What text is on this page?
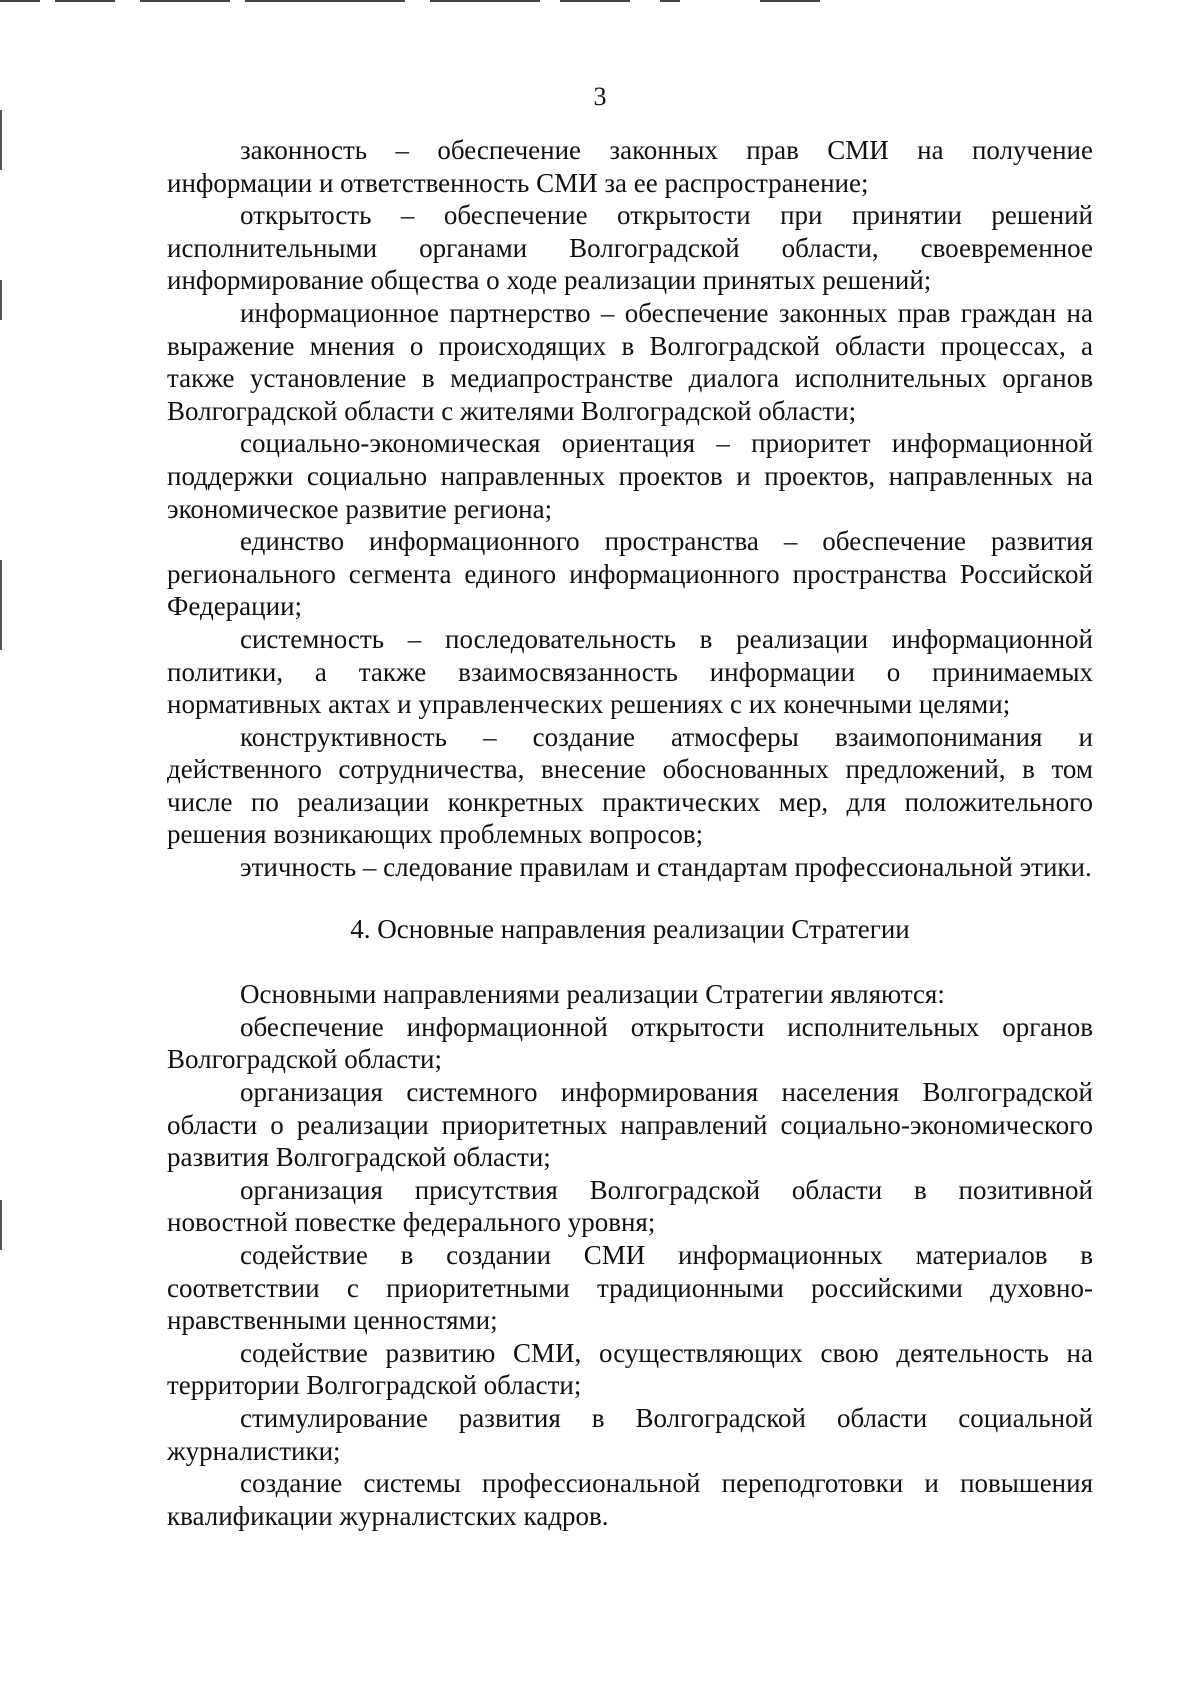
3

законность – обеспечение законных прав СМИ на получение информации и ответственность СМИ за ее распространение;

открытость – обеспечение открытости при принятии решений исполнительными органами Волгоградской области, своевременное информирование общества о ходе реализации принятых решений;

информационное партнерство – обеспечение законных прав граждан на выражение мнения о происходящих в Волгоградской области процессах, а также установление в медиапространстве диалога исполнительных органов Волгоградской области с жителями Волгоградской области;

социально-экономическая ориентация – приоритет информационной поддержки социально направленных проектов и проектов, направленных на экономическое развитие региона;

единство информационного пространства – обеспечение развития регионального сегмента единого информационного пространства Российской Федерации;

системность – последовательность в реализации информационной политики, а также взаимосвязанность информации о принимаемых нормативных актах и управленческих решениях с их конечными целями;

конструктивность – создание атмосферы взаимопонимания и действенного сотрудничества, внесение обоснованных предложений, в том числе по реализации конкретных практических мер, для положительного решения возникающих проблемных вопросов;

этичность – следование правилам и стандартам профессиональной этики.

4. Основные направления реализации Стратегии

Основными направлениями реализации Стратегии являются:

обеспечение информационной открытости исполнительных органов Волгоградской области;

организация системного информирования населения Волгоградской области о реализации приоритетных направлений социально-экономического развития Волгоградской области;

организация присутствия Волгоградской области в позитивной новостной повестке федерального уровня;

содействие в создании СМИ информационных материалов в соответствии с приоритетными традиционными российскими духовно-нравственными ценностями;

содействие развитию СМИ, осуществляющих свою деятельность на территории Волгоградской области;

стимулирование развития в Волгоградской области социальной журналистики;

создание системы профессиональной переподготовки и повышения квалификации журналистских кадров.
